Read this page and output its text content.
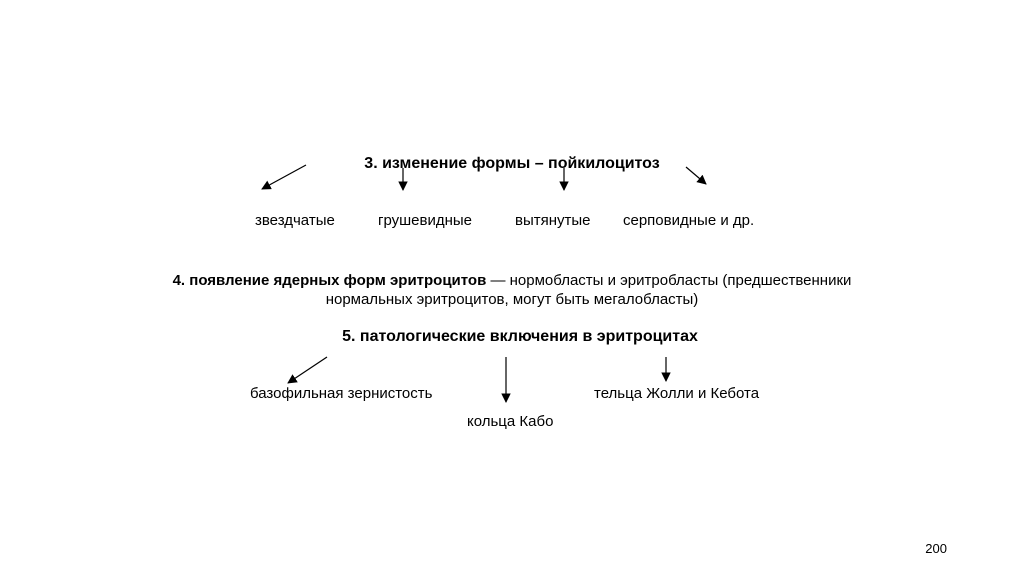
3. изменение формы – пойкилоцитоз
звездчатые	грушевидные	вытянутые серповидные и др.
4. появление ядерных форм эритроцитов — нормобласты и эритробласты (предшественники
нормальных эритроцитов, могут быть мегалобласты)
5. патологические включения в эритроцитах
базофильная зернистость
кольца Кабо
тельца Жолли и Кебота
200
